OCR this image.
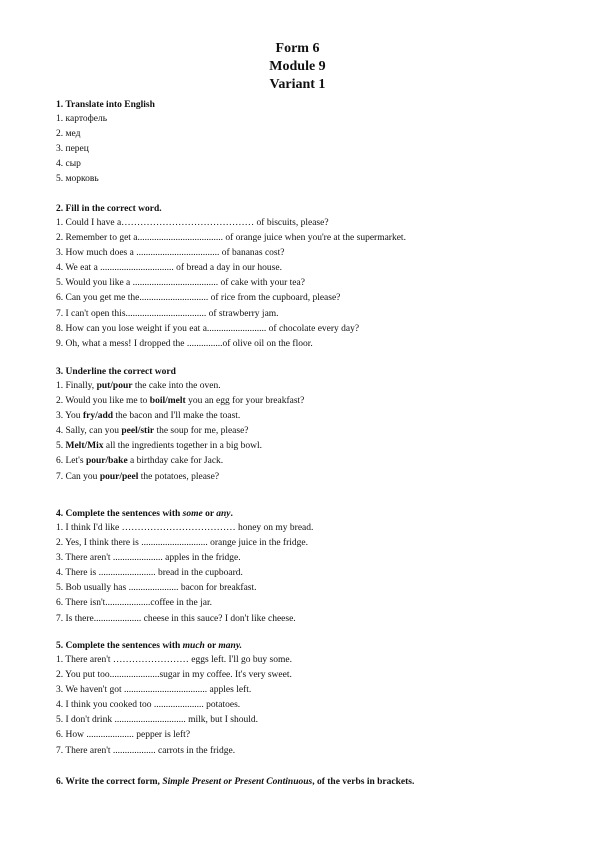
Form 6
Module 9
Variant 1
1. Translate into English
1. картофель
2. мед
3. перец
4. сыр
5. морковь
2. Fill in the correct word.
1. Could I have a…………………………………… of biscuits, please?
2. Remember to get a.................................... of orange juice when you're at the supermarket.
3. How much does a ................................... of bananas cost?
4. We eat a ............................... of bread a day in our house.
5. Would you like a .................................... of cake with your tea?
6. Can you get me the............................. of rice from the cupboard, please?
7. I can't open this.................................. of strawberry jam.
8. How can you lose weight if you eat a......................... of chocolate every day?
9. Oh, what a mess! I dropped the ...............of olive oil on the floor.
3. Underline the correct word
1. Finally, put/pour the cake into the oven.
2. Would you like me to boil/melt you an egg for your breakfast?
3. You fry/add the bacon and I'll make the toast.
4. Sally, can you peel/stir the soup for me, please?
5. Melt/Mix all the ingredients together in a big bowl.
6. Let's pour/bake a birthday cake for Jack.
7. Can you pour/peel the potatoes, please?
4. Complete the sentences with some or any.
1. I think I'd like ……………………………… honey on my bread.
2. Yes, I think there is ............................ orange juice in the fridge.
3. There aren't ..................... apples in the fridge.
4. There is ........................ bread in the cupboard.
5. Bob usually has ..................... bacon for breakfast.
6. There isn't...................coffee in the jar.
7. Is there.................... cheese in this sauce? I don't like cheese.
5. Complete the sentences with much or many.
1. There aren't …………………… eggs left. I'll go buy some.
2. You put too.....................sugar in my coffee. It's very sweet.
3. We haven't got ................................... apples left.
4. I think you cooked too ..................... potatoes.
5. I don't drink .............................. milk, but I should.
6. How .................... pepper is left?
7. There aren't .................. carrots in the fridge.
6. Write the correct form, Simple Present or Present Continuous, of the verbs in brackets.
